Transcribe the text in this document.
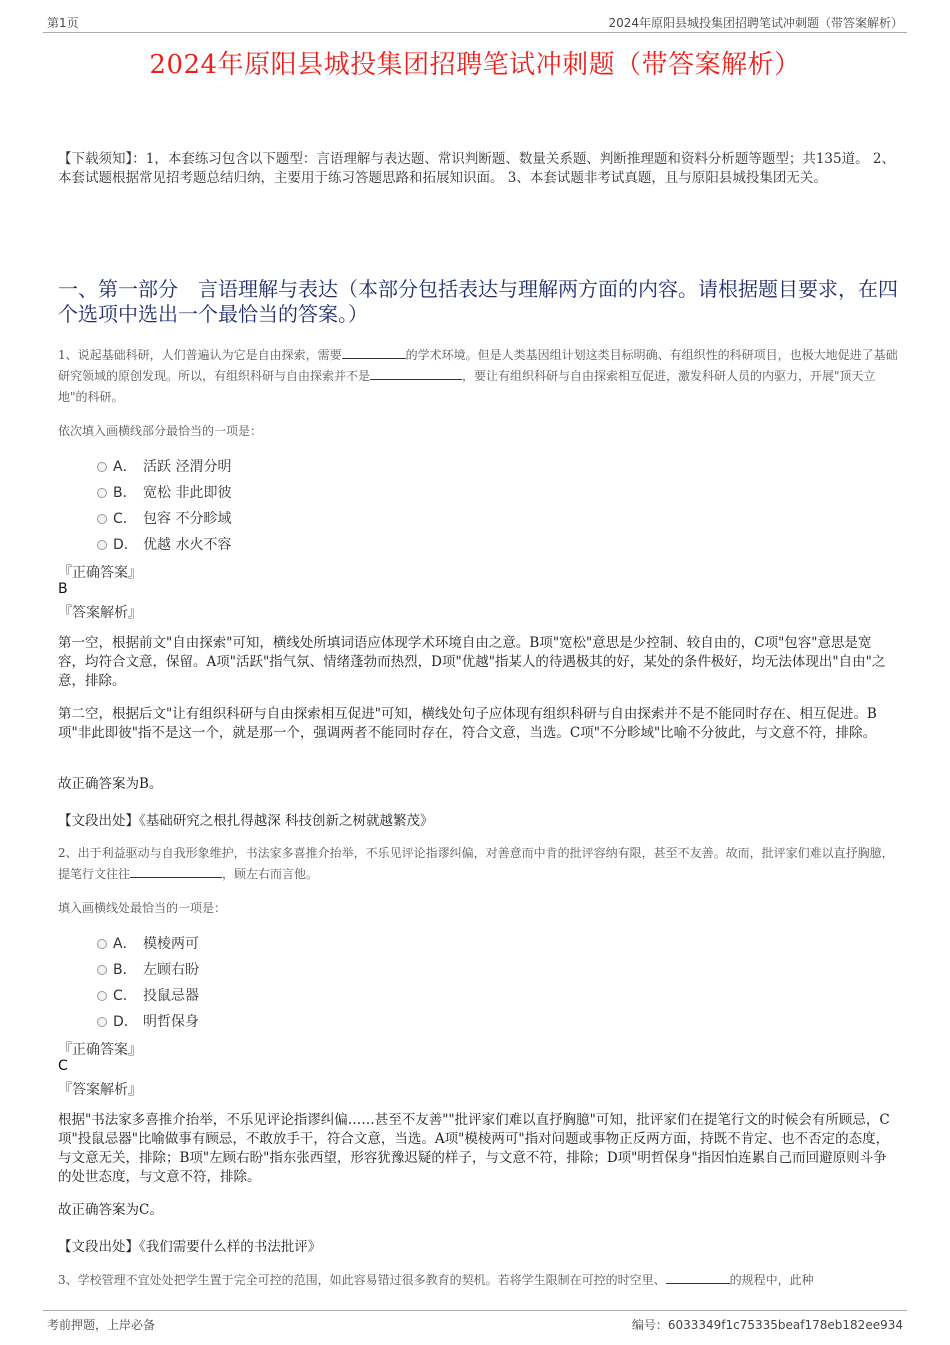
第1页	2024年原阳县城投集团招聘笔试冲刺题（带答案解析）
2024年原阳县城投集团招聘笔试冲刺题（带答案解析）
【下载须知】：1，本套练习包含以下题型：言语理解与表达题、常识判断题、数量关系题、判断推理题和资料分析题等题型；共135道。 2、本套试题根据常见招考题总结归纳，主要用于练习答题思路和拓展知识面。 3、本套试题非考试真题，且与原阳县城投集团无关。
一、第一部分　言语理解与表达（本部分包括表达与理解两方面的内容。请根据题目要求，在四个选项中选出一个最恰当的答案。）
1、说起基础科研，人们普遍认为它是自由探索，需要	的学术环境。但是人类基因组计划这类目标明确、有组织性的科研项目，也极大地促进了基础研究领域的原创发现。所以，有组织科研与自由探索并不是	，要让有组织科研与自由探索相互促进，激发科研人员的内驱力，开展"顶天立地"的科研。
依次填入画横线部分最恰当的一项是：
A． 活跃 泾渭分明
B． 宽松 非此即彼
C． 包容 不分畛域
D． 优越 水火不容
『正确答案』
B
『答案解析』
第一空，根据前文"自由探索"可知，横线处所填词语应体现学术环境自由之意。B项"宽松"意思是少控制、较自由的，C项"包容"意思是宽容，均符合文意，保留。A项"活跃"指气氛、情绪蓬勃而热烈，D项"优越"指某人的待遇极其的好，某处的条件极好，均无法体现出"自由"之意，排除。
第二空，根据后文"让有组织科研与自由探索相互促进"可知，横线处句子应体现有组织科研与自由探索并不是不能同时存在、相互促进。B项"非此即彼"指不是这一个，就是那一个，强调两者不能同时存在，符合文意，当选。C项"不分畛域"比喻不分彼此，与文意不符，排除。
故正确答案为B。
【文段出处】《基础研究之根扎得越深 科技创新之树就越繁茂》
2、出于利益驱动与自我形象维护，书法家多喜推介抬举，不乐见评论指谬纠偏，对善意而中肯的批评容纳有限，甚至不友善。故而，批评家们难以直抒胸臆，提笔行文往往	，顾左右而言他。
填入画横线处最恰当的一项是：
A． 模棱两可
B． 左顾右盼
C． 投鼠忌器
D． 明哲保身
『正确答案』
C
『答案解析』
根据"书法家多喜推介抬举，不乐见评论指谬纠偏……甚至不友善""批评家们难以直抒胸臆"可知，批评家们在提笔行文的时候会有所顾忌，C项"投鼠忌器"比喻做事有顾忌，不敢放手干，符合文意，当选。A项"模棱两可"指对问题或事物正反两方面，持既不肯定、也不否定的态度，与文意无关，排除；B项"左顾右盼"指东张西望，形容犹豫迟疑的样子，与文意不符，排除；D项"明哲保身"指因怕连累自己而回避原则斗争的处世态度，与文意不符，排除。
故正确答案为C。
【文段出处】《我们需要什么样的书法批评》
3、学校管理不宜处处把学生置于完全可控的范围，如此容易错过很多教育的契机。若将学生限制在可控的时空里、	的规程中，此种
考前押题，上岸必备	编号：6033349f1c75335beaf178eb182ee934
